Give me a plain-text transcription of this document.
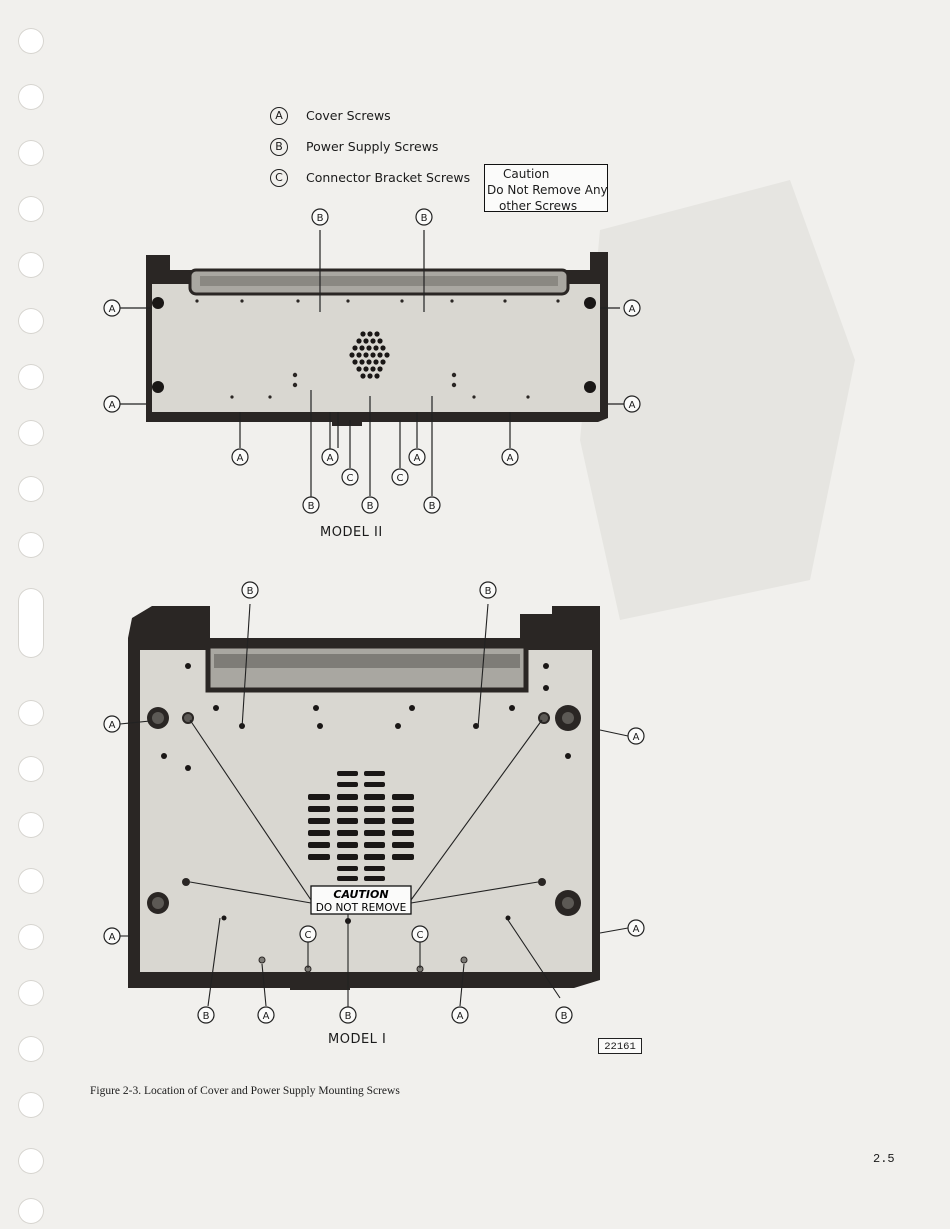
A	Cover Screws
B	Power Supply Screws
C	Connector Bracket Screws	Caution
Do Not Remove Any
other Screws
B	B
A	A
A	A
A	A	A	A
C	C
B	B	B
MODEL II
CAUTION
DO NOT REMOVE
B	B
A
A
A
A
C	C
B	A	B	A	B
MODEL I	22161
Figure 2-3. Location of Cover and Power Supply Mounting Screws
2.5
